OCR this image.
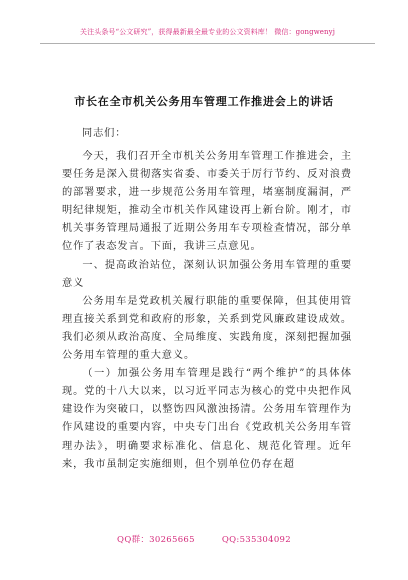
关注头条号“公文研究”，获得最新最全最专业的公文资料库！ 微信：gongwenyj
市长在全市机关公务用车管理工作推进会上的讲话
同志们：

今天，我们召开全市机关公务用车管理工作推进会，主要任务是深入贯彻落实省委、市委关于厉行节约、反对浪费的部署要求，进一步规范公务用车管理，堵塞制度漏洞，严明纪律规矩，推动全市机关作风建设再上新台阶。刚才，市机关事务管理局通报了近期公务用车专项检查情况，部分单位作了表态发言。下面，我讲三点意见。

一、提高政治站位，深刻认识加强公务用车管理的重要意义

公务用车是党政机关履行职能的重要保障，但其使用管理直接关系到党和政府的形象，关系到党风廉政建设成效。我们必须从政治高度、全局维度、实践角度，深刻把握加强公务用车管理的重大意义。

（一）加强公务用车管理是践行“两个维护”的具体体现。党的十八大以来，以习近平同志为核心的党中央把作风建设作为突破口，以整饬四风激浊扬清。公务用车管理作为作风建设的重要内容，中央专门出台《党政机关公务用车管理办法》，明确要求标准化、信息化、规范化管理。近年来，我市虽制定实施细则，但个别单位仍存在超

QQ群：30265665	QQ:535304092
